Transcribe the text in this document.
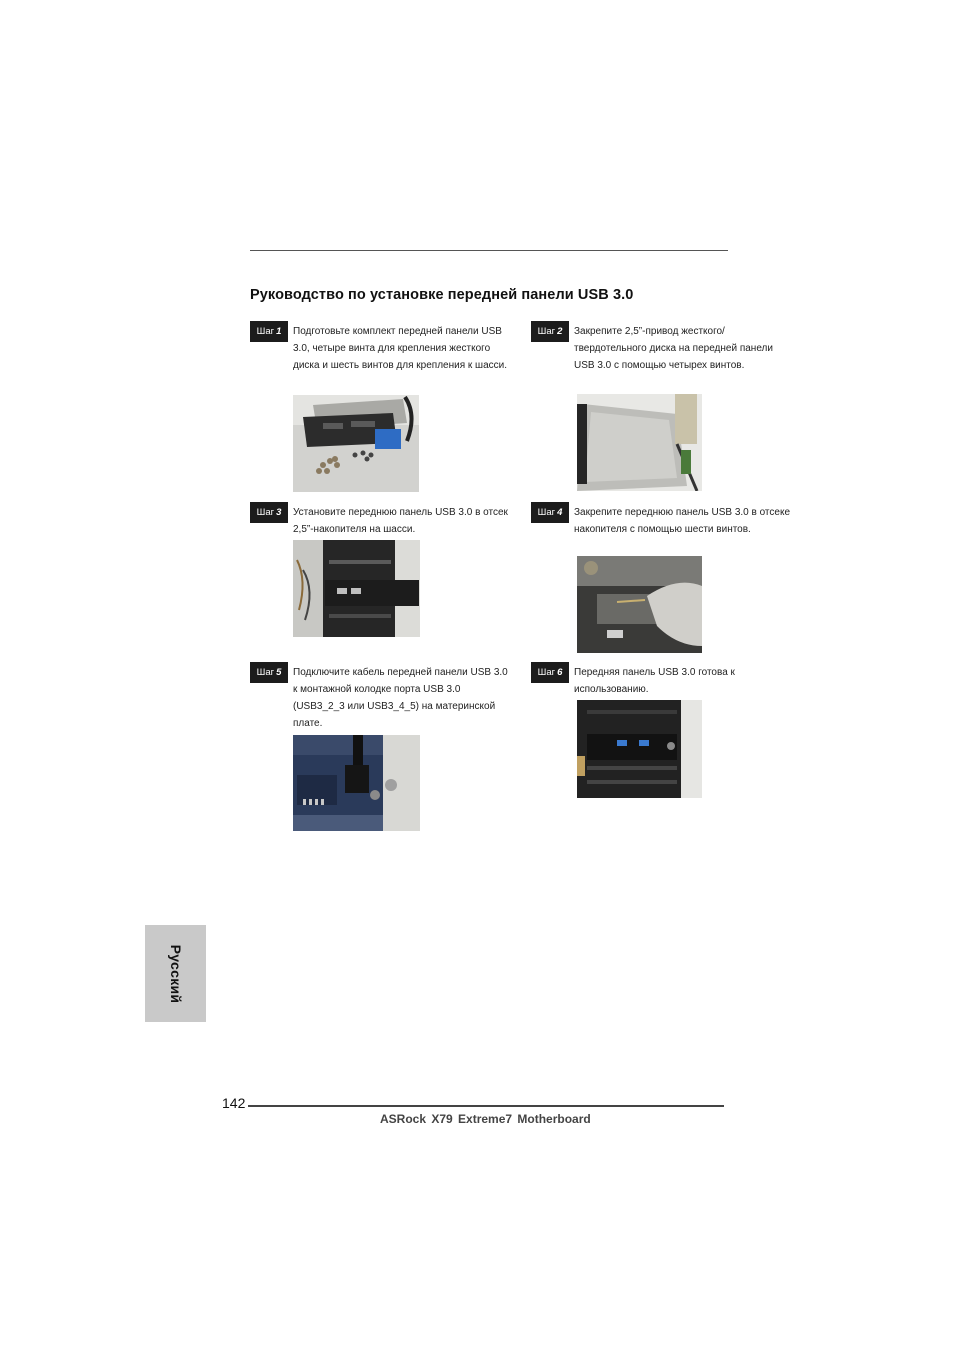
Руководство по установке передней панели USB 3.0
Шаг 1	Подготовьте комплект передней панели USB 3.0, четыре винта для крепления жесткого диска и шесть винтов для крепления к шасси.
Шаг 2	Закрепите 2,5”-привод жесткого/твердотельного диска на передней панели USB 3.0 с помощью четырех винтов.
Шаг 3	Установите переднюю панель USB 3.0 в отсек 2,5”-накопителя на шасси.
Шаг 4	Закрепите переднюю панель USB 3.0 в отсеке накопителя с помощью шести винтов.
Шаг 5	Подключите кабель передней панели USB 3.0 к монтажной колодке порта USB 3.0 (USB3_2_3 или USB3_4_5) на материнской плате.
Шаг 6	Передняя панель USB 3.0 готова к использованию.
Русский
142
ASRock X79 Extreme7 Motherboard
